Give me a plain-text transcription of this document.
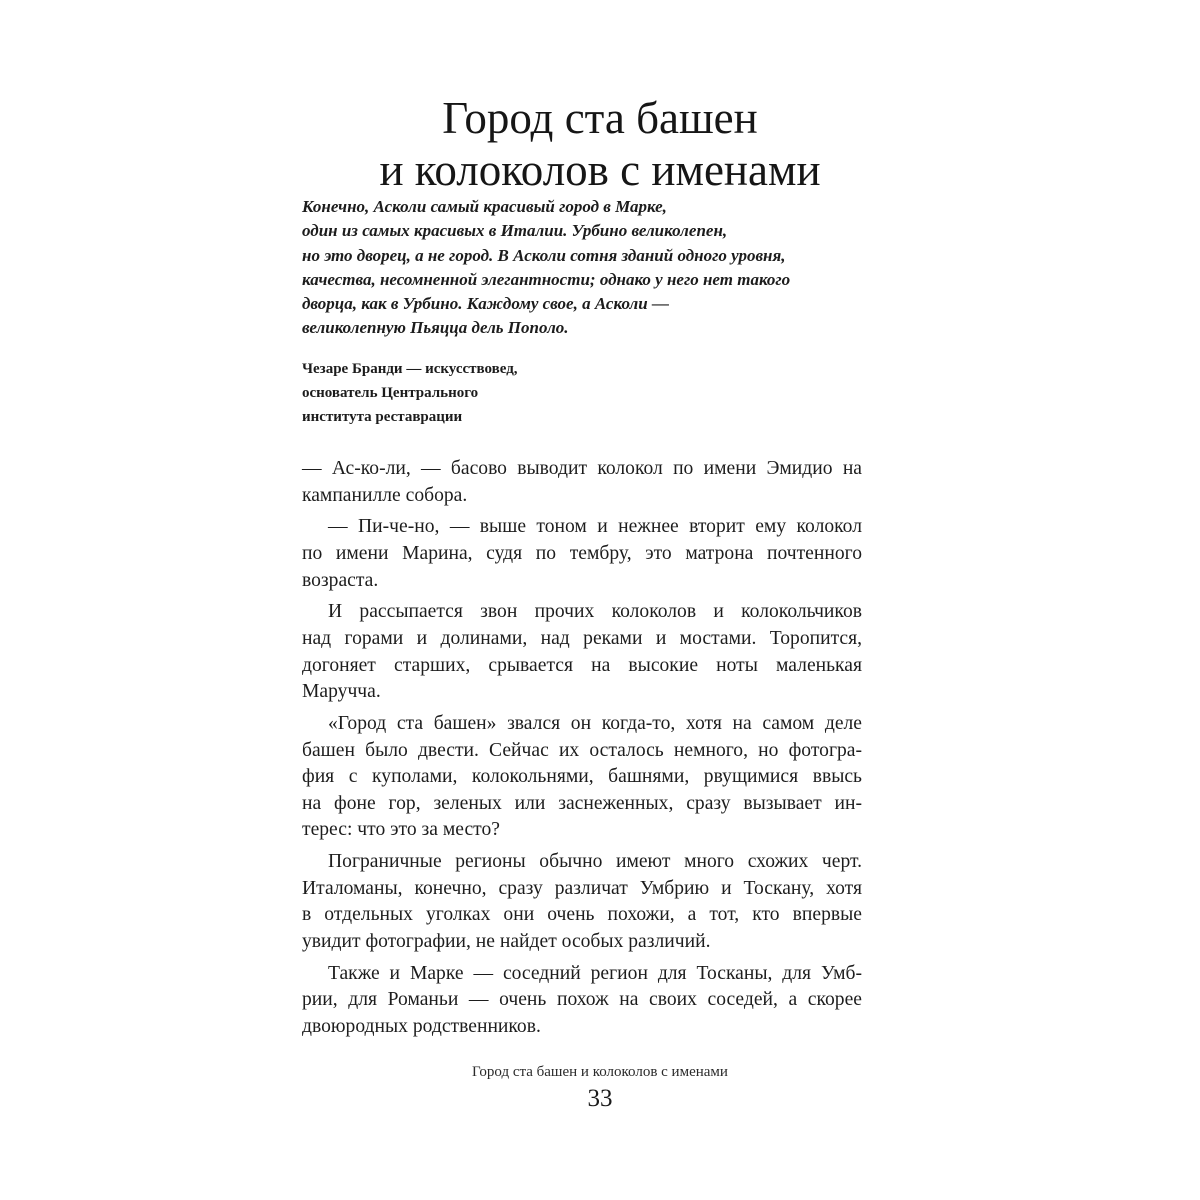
Город ста башен
и колоколов с именами
Конечно, Асколи самый красивый город в Марке,
один из самых красивых в Италии. Урбино великолепен,
но это дворец, а не город. В Асколи сотня зданий одного уровня,
качества, несомненной элегантности; однако у него нет такого
дворца, как в Урбино. Каждому свое, а Асколи —
великолепную Пьяцца дель Пополо.
Чезаре Бранди — искусствовед,
основатель Центрального
института реставрации

— Ас-ко-ли, — басово выводит колокол по имени Эмидио на
кампанилле собора.

— Пи-че-но, — выше тоном и нежнее вторит ему колокол
по имени Марина, судя по тембру, это матрона почтенного
возраста.

И рассыпается звон прочих колоколов и колокольчиков
над горами и долинами, над реками и мостами. Торопится,
догоняет старших, срывается на высокие ноты маленькая
Маручча.

«Город ста башен» звался он когда-то, хотя на самом деле
башен было двести. Сейчас их осталось немного, но фотогра-
фия с куполами, колокольнями, башнями, рвущимися ввысь
на фоне гор, зеленых или заснеженных, сразу вызывает ин-
терес: что это за место?

Пограничные регионы обычно имеют много схожих черт.
Италоманы, конечно, сразу различат Умбрию и Тоскану, хотя
в отдельных уголках они очень похожи, а тот, кто впервые
увидит фотографии, не найдет особых различий.

Также и Марке — соседний регион для Тосканы, для Умб-
рии, для Романьи — очень похож на своих соседей, а скорее
двоюродных родственников.

Город ста башен и колоколов с именами
33
